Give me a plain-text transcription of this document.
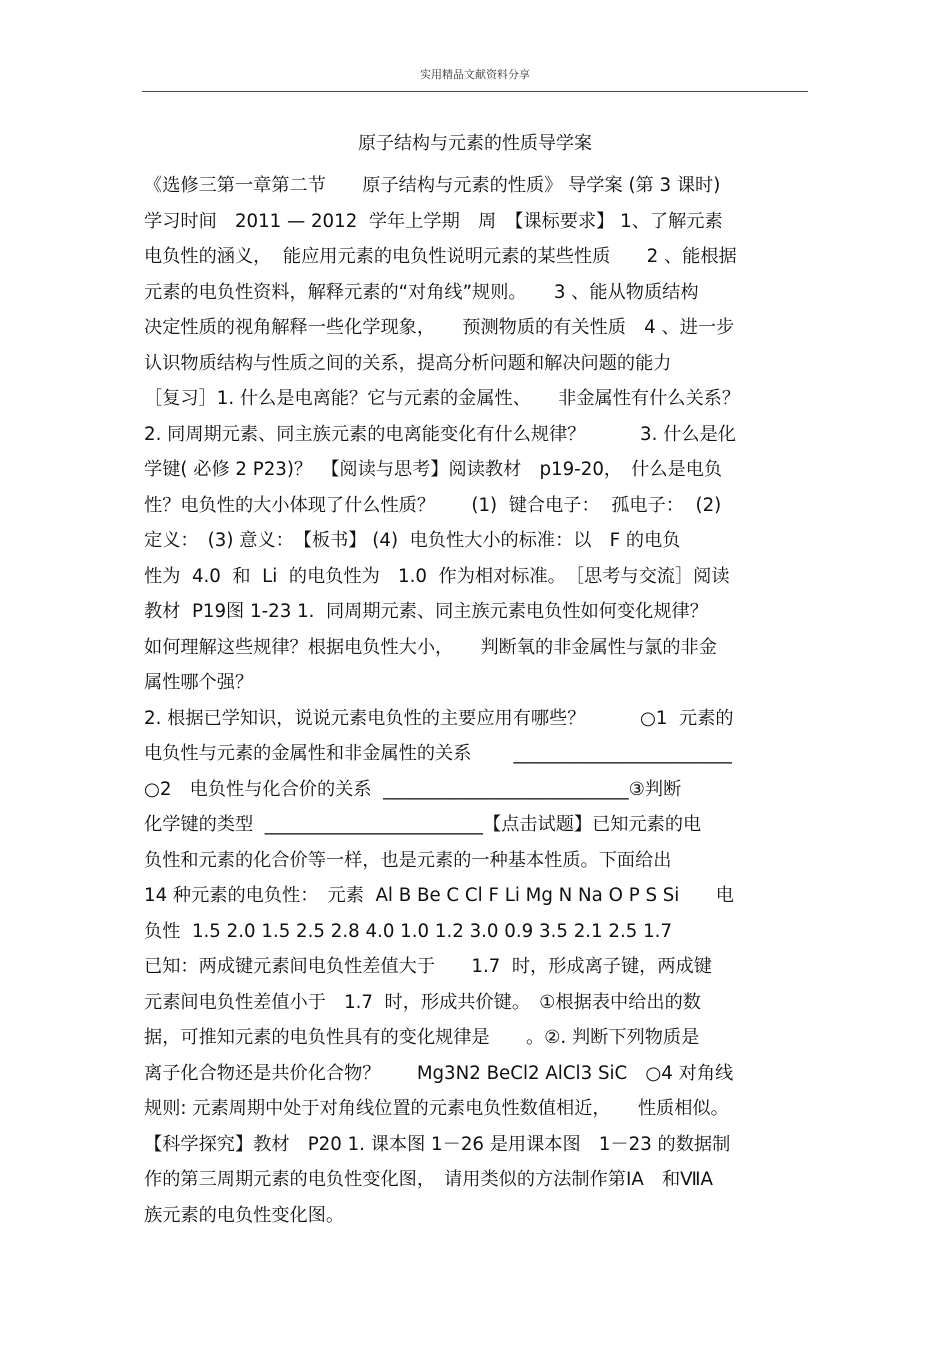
实用精品文献资料分享
原子结构与元素的性质导学案
《选修三第一章第二节　　原子结构与元素的性质》 导学案 (第 3 课时)
学习时间　2011 — 2012  学年上学期　周　【课标要求】 1、了解元素
电负性的涵义，  能应用元素的电负性说明元素的某些性质　　2 、能根据
元素的电负性资料，解释元素的“对角线”规则。　　3 、能从物质结构
决定性质的视角解释一些化学现象，　　预测物质的有关性质　4 、进一步
认识物质结构与性质之间的关系，提高分析问题和解决问题的能力
［复习］1. 什么是电离能？它与元素的金属性、　　非金属性有什么关系？
2. 同周期元素、同主族元素的电离能变化有什么规律？　　　3. 什么是化
学键( 必修 2 P23)？　【阅读与思考】阅读教材　p19-20，　什么是电负
性？电负性的大小体现了什么性质？　　(1)  键合电子：  孤电子：  (2)
定义：　(3) 意义：　【板书】 (4)  电负性大小的标准：以　F 的电负
性为  4.0  和  Li  的电负性为　1.0  作为相对标准。　［思考与交流］阅读
教材  P19图 1-23 1.  同周期元素、同主族元素电负性如何变化规律？
如何理解这些规律？根据电负性大小，　　判断氧的非金属性与氯的非金
属性哪个强？
2. 根据已学知识，说说元素电负性的主要应用有哪些？　　　○1  元素的
电负性与元素的金属性和非金属性的关系　　 ________________________
○2　电负性与化合价的关系  ___________________________③判断
化学键的类型  ________________________【点击试题】已知元素的电
负性和元素的化合价等一样，也是元素的一种基本性质。下面给出
14 种元素的电负性：　元素  Al B Be C Cl F Li Mg N Na O P S Si　　电
负性  1.5 2.0 1.5 2.5 2.8 4.0 1.0 1.2 3.0 0.9 3.5 2.1 2.5 1.7
已知：两成键元素间电负性差值大于　　1.7  时，形成离子键，两成键
元素间电负性差值小于　1.7  时，形成共价键。　①根据表中给出的数
据，可推知元素的电负性具有的变化规律是　　。②. 判断下列物质是
离子化合物还是共价化合物？　　Mg3N2 BeCl2 AlCl3 SiC　○4 对角线
规则: 元素周期中处于对角线位置的元素电负性数值相近，　　性质相似。
【科学探究】教材　P20 1. 课本图 1－26 是用课本图　1－23 的数据制
作的第三周期元素的电负性变化图，　请用类似的方法制作第ⅠA　和ⅦA
族元素的电负性变化图。
